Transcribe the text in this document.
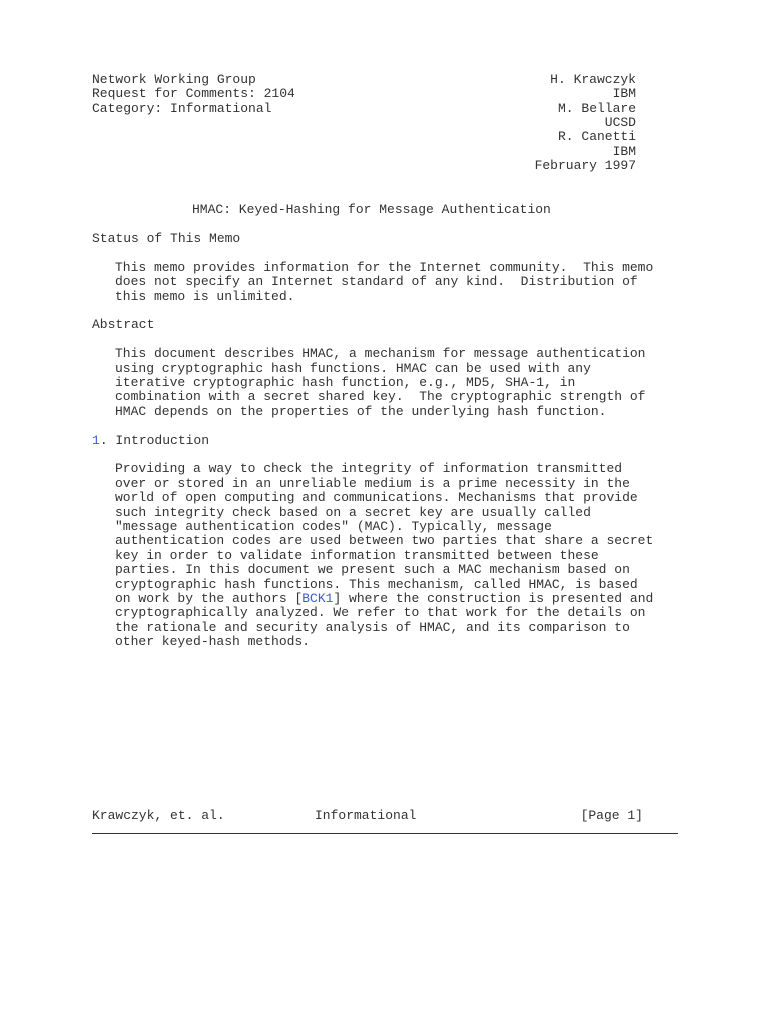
Network Working Group
Request for Comments: 2104
Category: Informational
H. Krawczyk
IBM
M. Bellare
UCSD
R. Canetti
IBM
February 1997
HMAC: Keyed-Hashing for Message Authentication
Status of This Memo
This memo provides information for the Internet community.  This memo
does not specify an Internet standard of any kind.  Distribution of
this memo is unlimited.
Abstract
This document describes HMAC, a mechanism for message authentication
using cryptographic hash functions. HMAC can be used with any
iterative cryptographic hash function, e.g., MD5, SHA-1, in
combination with a secret shared key.  The cryptographic strength of
HMAC depends on the properties of the underlying hash function.
1. Introduction
Providing a way to check the integrity of information transmitted
over or stored in an unreliable medium is a prime necessity in the
world of open computing and communications. Mechanisms that provide
such integrity check based on a secret key are usually called
"message authentication codes" (MAC). Typically, message
authentication codes are used between two parties that share a secret
key in order to validate information transmitted between these
parties. In this document we present such a MAC mechanism based on
cryptographic hash functions. This mechanism, called HMAC, is based
on work by the authors [BCK1] where the construction is presented and
cryptographically analyzed. We refer to that work for the details on
the rationale and security analysis of HMAC, and its comparison to
other keyed-hash methods.
Krawczyk, et. al.	Informational	[Page 1]
